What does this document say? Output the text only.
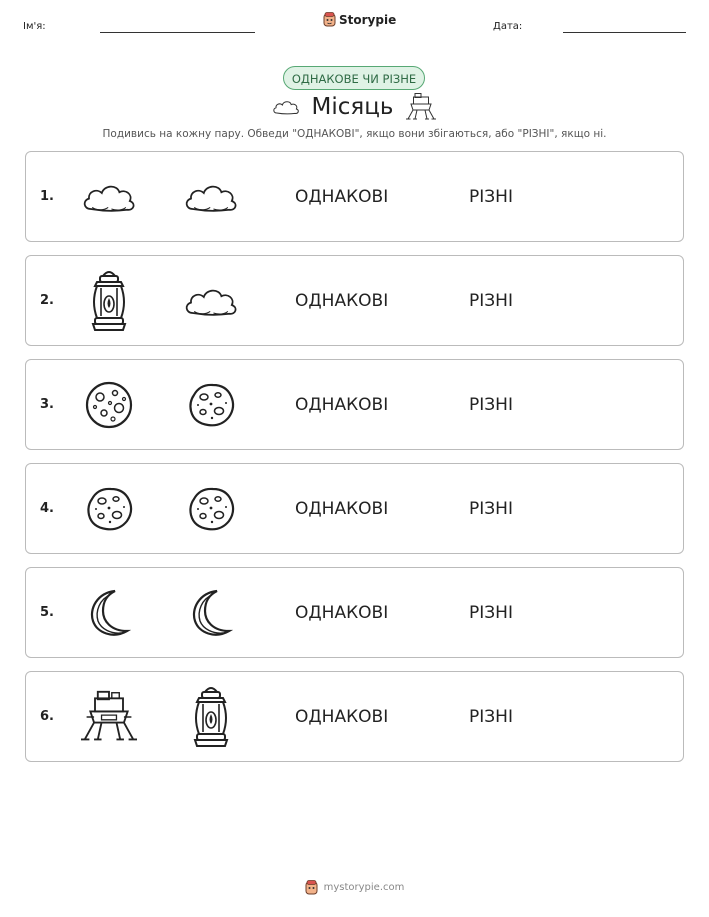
Ім'я:	Storypie	Дата:
ОДНАКОВЕ ЧИ РІЗНЕ
Місяць
Подивись на кожну пару. Обведи "ОДНАКОВІ", якщо вони збігаються, або "РІЗНІ", якщо ні.
1.	ОДНАКОВІ	РІЗНІ
2.	ОДНАКОВІ	РІЗНІ
3.	ОДНАКОВІ	РІЗНІ
4.	ОДНАКОВІ	РІЗНІ
5.	ОДНАКОВІ	РІЗНІ
6.	ОДНАКОВІ	РІЗНІ
mystorypie.com
